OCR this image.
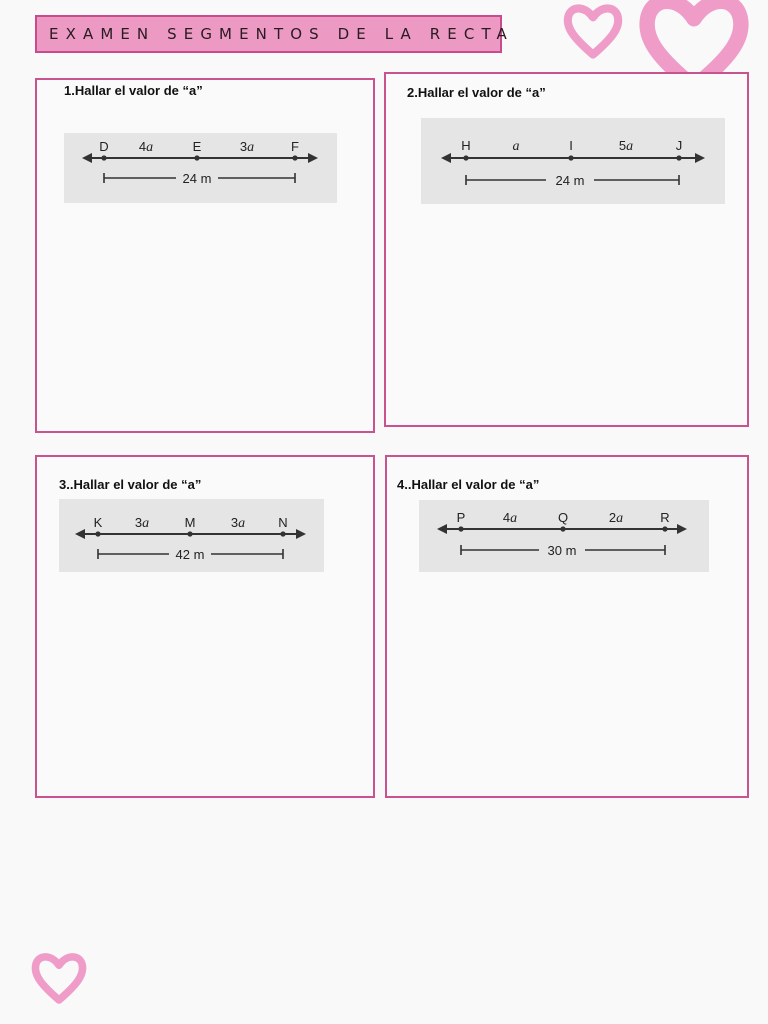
EXAMEN SEGMENTOS DE LA RECTA
1.Hallar el valor de “a”	2.Hallar el valor de “a”
3..Hallar el valor de “a”	4..Hallar el valor de “a”
D	E	F
4a	3a
24 m
H	I	J
a	5a
24 m
K	M	N
3a	3a
42 m
P	Q	R
4a	2a
30 m
